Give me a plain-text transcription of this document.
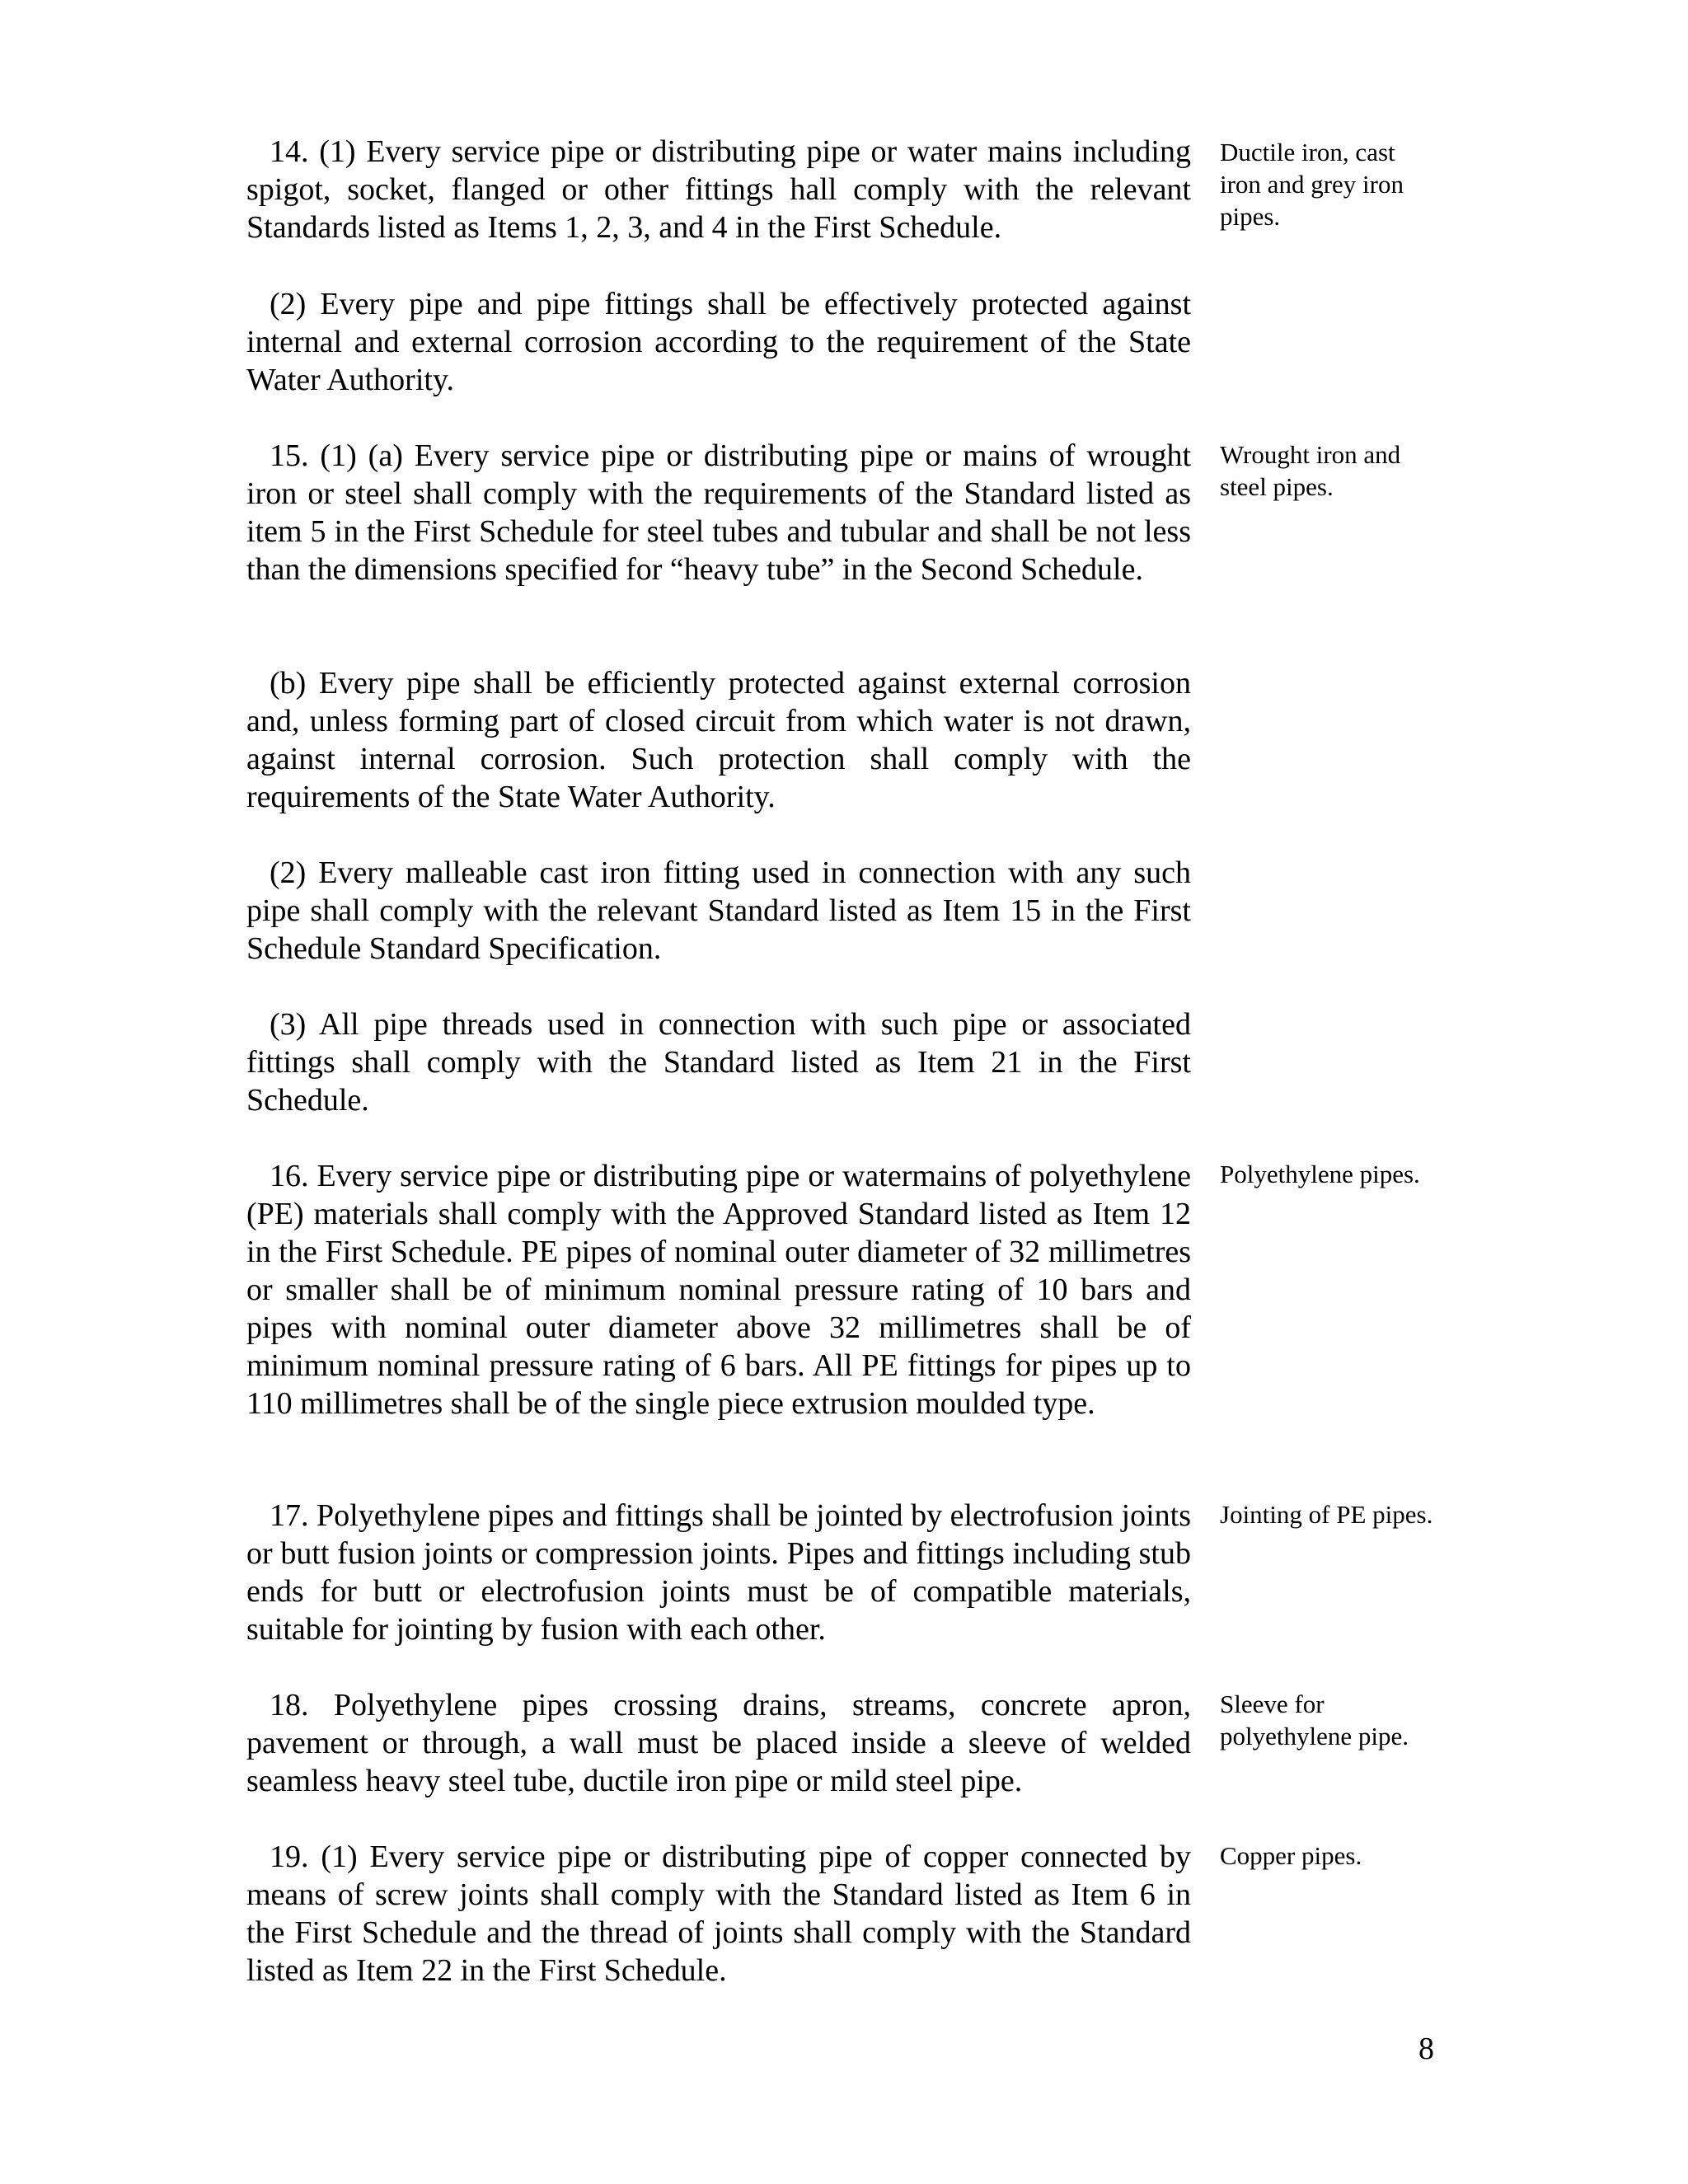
14. (1) Every service pipe or distributing pipe or water mains including spigot, socket, flanged or other fittings hall comply with the relevant Standards listed as Items 1, 2, 3, and 4 in the First Schedule.

Ductile iron, cast iron and grey iron pipes.

(2) Every pipe and pipe fittings shall be effectively protected against internal and external corrosion according to the requirement of the State Water Authority.

15. (1) (a) Every service pipe or distributing pipe or mains of wrought iron or steel shall comply with the requirements of the Standard listed as item 5 in the First Schedule for steel tubes and tubular and shall be not less than the dimensions specified for “heavy tube” in the Second Schedule.

Wrought iron and steel pipes.

(b) Every pipe shall be efficiently protected against external corrosion and, unless forming part of closed circuit from which water is not drawn, against internal corrosion. Such protection shall comply with the requirements of the State Water Authority.

(2) Every malleable cast iron fitting used in connection with any such pipe shall comply with the relevant Standard listed as Item 15 in the First Schedule Standard Specification.

(3) All pipe threads used in connection with such pipe or associated fittings shall comply with the Standard listed as Item 21 in the First Schedule.

16. Every service pipe or distributing pipe or watermains of polyethylene (PE) materials shall comply with the Approved Standard listed as Item 12 in the First Schedule. PE pipes of nominal outer diameter of 32 millimetres or smaller shall be of minimum nominal pressure rating of 10 bars and pipes with nominal outer diameter above 32 millimetres shall be of minimum nominal pressure rating of 6 bars. All PE fittings for pipes up to 110 millimetres shall be of the single piece extrusion moulded type.

Polyethylene pipes.

17. Polyethylene pipes and fittings shall be jointed by electrofusion joints or butt fusion joints or compression joints. Pipes and fittings including stub ends for butt or electrofusion joints must be of compatible materials, suitable for jointing by fusion with each other.

Jointing of PE pipes.

18. Polyethylene pipes crossing drains, streams, concrete apron, pavement or through, a wall must be placed inside a sleeve of welded seamless heavy steel tube, ductile iron pipe or mild steel pipe.

Sleeve for polyethylene pipe.

19. (1) Every service pipe or distributing pipe of copper connected by means of screw joints shall comply with the Standard listed as Item 6 in the First Schedule and the thread of joints shall comply with the Standard listed as Item 22 in the First Schedule.

Copper pipes.

8
